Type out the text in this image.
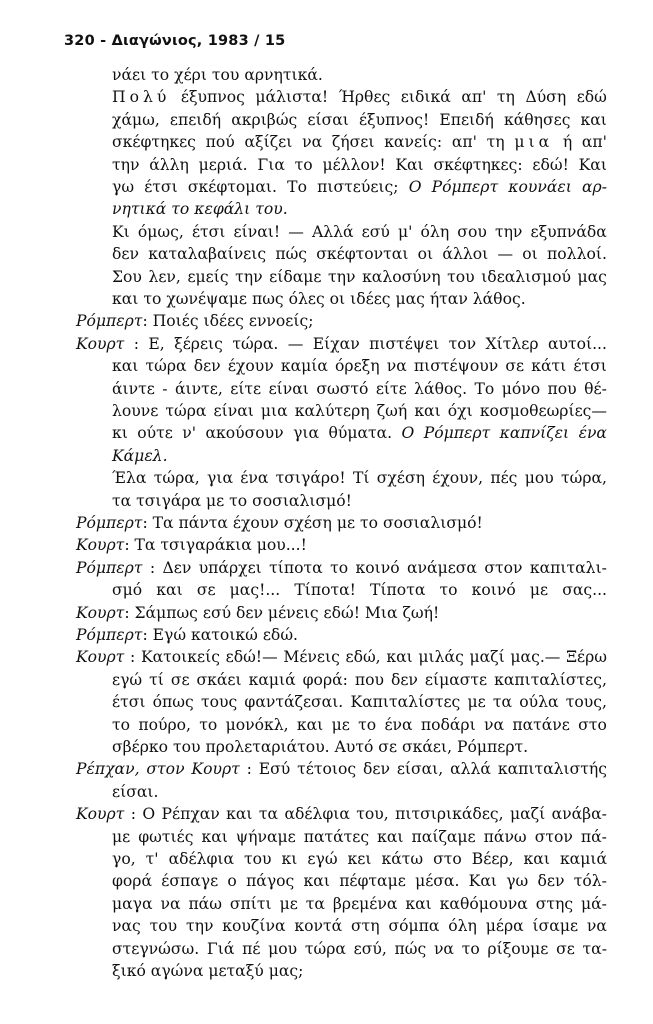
320 - Διαγώνιος, 1983 / 15
νάει το χέρι του αρνητικά.
Πολύ έξυπνος μάλιστα! Ήρθες ειδικά απ' τη Δύση εδώ
χάμω, επειδή ακριβώς είσαι έξυπνος! Επειδή κάθησες και
σκέφτηκες πού αξίζει να ζήσει κανείς: απ' τη μια ή απ'
την άλλη μεριά. Για το μέλλον! Και σκέφτηκες: εδώ! Και
γω έτσι σκέφτομαι. Το πιστεύεις; Ο Ρόμπερτ κουνάει αρ-
νητικά το κεφάλι του.
Κι όμως, έτσι είναι! — Αλλά εσύ μ' όλη σου την εξυπνάδα
δεν καταλαβαίνεις πώς σκέφτονται οι άλλοι — οι πολλοί.
Σου λεν, εμείς την είδαμε την καλοσύνη του ιδεαλισμού μας
και το χωνέψαμε πως όλες οι ιδέες μας ήταν λάθος.
Ρόμπερτ: Ποιές ιδέες εννοείς;
Κουρτ : Ε, ξέρεις τώρα. — Είχαν πιστέψει τον Χίτλερ αυτοί...
και τώρα δεν έχουν καμία όρεξη να πιστέψουν σε κάτι έτσι
άιντε - άιντε, είτε είναι σωστό είτε λάθος. Το μόνο που θέ-
λουνε τώρα είναι μια καλύτερη ζωή και όχι κοσμοθεωρίες—
κι ούτε ν' ακούσουν για θύματα. Ο Ρόμπερτ καπνίζει ένα
Κάμελ.
Έλα τώρα, για ένα τσιγάρο! Τί σχέση έχουν, πές μου τώρα,
τα τσιγάρα με το σοσιαλισμό!
Ρόμπερτ: Τα πάντα έχουν σχέση με το σοσιαλισμό!
Κουρτ: Τα τσιγαράκια μου...!
Ρόμπερτ : Δεν υπάρχει τίποτα το κοινό ανάμεσα στον καπιταλι-
σμό και σε μας!... Τίποτα! Τίποτα το κοινό με σας...
Κουρτ: Σάμπως εσύ δεν μένεις εδώ! Μια ζωή!
Ρόμπερτ: Εγώ κατοικώ εδώ.
Κουρτ : Κατοικείς εδώ!— Μένεις εδώ, και μιλάς μαζί μας.— Ξέρω
εγώ τί σε σκάει καμιά φορά: που δεν είμαστε καπιταλίστες,
έτσι όπως τους φαντάζεσαι. Καπιταλίστες με τα ούλα τους,
το πούρο, το μονόκλ, και με το ένα ποδάρι να πατάνε στο
σβέρκο του προλεταριάτου. Αυτό σε σκάει, Ρόμπερτ.
Ρέπχαν, στον Κουρτ : Εσύ τέτοιος δεν είσαι, αλλά καπιταλιστής
είσαι.
Κουρτ : Ο Ρέπχαν και τα αδέλφια του, πιτσιρικάδες, μαζί ανάβα-
με φωτιές και ψήναμε πατάτες και παίζαμε πάνω στον πά-
γο, τ' αδέλφια του κι εγώ κει κάτω στο Βέερ, και καμιά
φορά έσπαγε ο πάγος και πέφταμε μέσα. Και γω δεν τόλ-
μαγα να πάω σπίτι με τα βρεμένα και καθόμουνα στης μά-
νας του την κουζίνα κοντά στη σόμπα όλη μέρα ίσαμε να
στεγνώσω. Γιά πέ μου τώρα εσύ, πώς να το ρίξουμε σε τα-
ξικό αγώνα μεταξύ μας;
